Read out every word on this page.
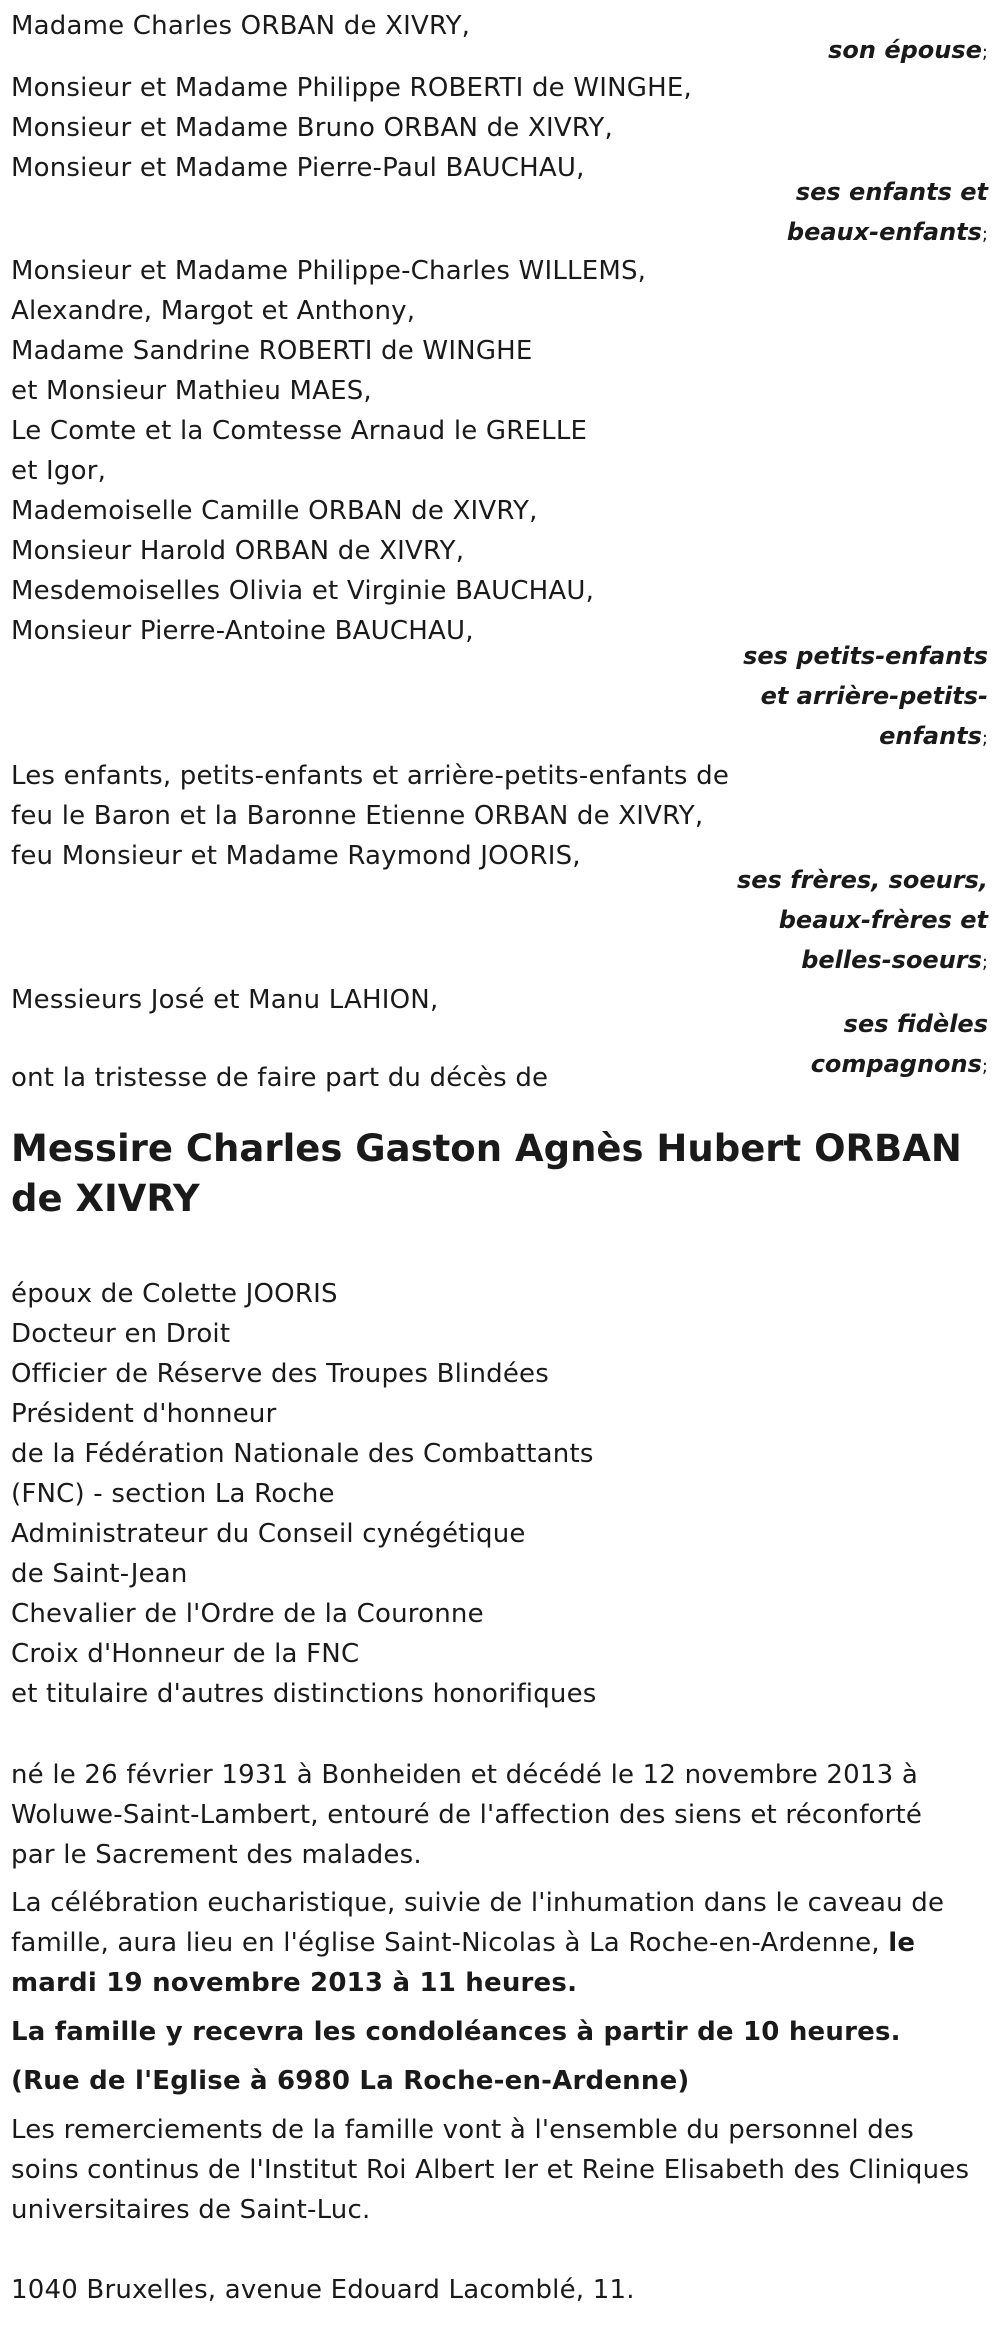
Madame Charles ORBAN de XIVRY,
son épouse;
Monsieur et Madame Philippe ROBERTI de WINGHE,
Monsieur et Madame Bruno ORBAN de XIVRY,
Monsieur et Madame Pierre-Paul BAUCHAU,
ses enfants et
beaux-enfants;
Monsieur et Madame Philippe-Charles WILLEMS,
Alexandre, Margot et Anthony,
Madame Sandrine ROBERTI de WINGHE
et Monsieur Mathieu MAES,
Le Comte et la Comtesse Arnaud le GRELLE
et Igor,
Mademoiselle Camille ORBAN de XIVRY,
Monsieur Harold ORBAN de XIVRY,
Mesdemoiselles Olivia et Virginie BAUCHAU,
Monsieur Pierre-Antoine BAUCHAU,
ses petits-enfants
et arrière-petits-
enfants;
Les enfants, petits-enfants et arrière-petits-enfants de
feu le Baron et la Baronne Etienne ORBAN de XIVRY,
feu Monsieur et Madame Raymond JOORIS,
ses frères, soeurs,
beaux-frères et
belles-soeurs;
Messieurs José et Manu LAHION,
ses fidèles
compagnons;
ont la tristesse de faire part du décès de
Messire Charles Gaston Agnès Hubert ORBAN de XIVRY
époux de Colette JOORIS
Docteur en Droit
Officier de Réserve des Troupes Blindées
Président d'honneur
de la Fédération Nationale des Combattants
(FNC) - section La Roche
Administrateur du Conseil cynégétique
de Saint-Jean
Chevalier de l'Ordre de la Couronne
Croix d'Honneur de la FNC
et titulaire d'autres distinctions honorifiques
né le 26 février 1931 à Bonheiden et décédé le 12 novembre 2013 à
Woluwe-Saint-Lambert, entouré de l'affection des siens et réconforté
par le Sacrement des malades.
La célébration eucharistique, suivie de l'inhumation dans le caveau de
famille, aura lieu en l'église Saint-Nicolas à La Roche-en-Ardenne, le
mardi 19 novembre 2013 à 11 heures.
La famille y recevra les condoléances à partir de 10 heures.
(Rue de l'Eglise à 6980 La Roche-en-Ardenne)
Les remerciements de la famille vont à l'ensemble du personnel des
soins continus de l'Institut Roi Albert Ier et Reine Elisabeth des Cliniques
universitaires de Saint-Luc.
1040 Bruxelles, avenue Edouard Lacomblé, 11.
